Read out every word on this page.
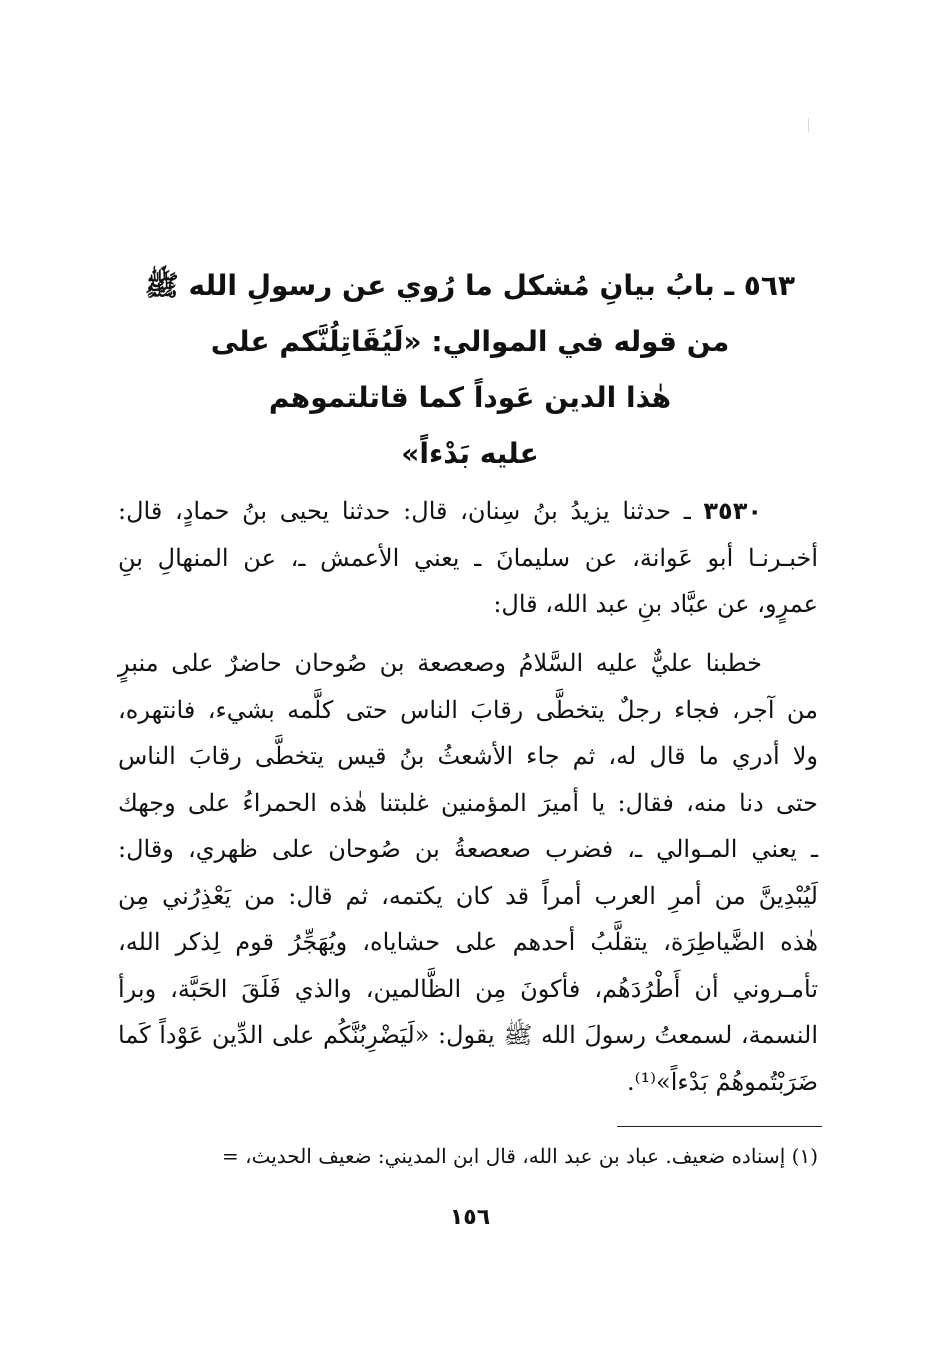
٥٦٣ ـ بابُ بيانِ مُشكل ما رُوي عن رسولِ الله ﷺ
من قوله في الموالي: «لَيُقَاتِلُنَّكم على
هٰذا الدين عَوداً كما قاتلتموهم
عليه بَدْءاً»
٣٥٣٠ ـ حدثنا يزيدُ بنُ سِنان، قال: حدثنا يحيى بنُ حمادٍ، قال:
أخبـرنـا أبو عَوانة، عن سليمانَ ـ يعني الأعمش ـ، عن المنهالِ بنِ
عمرٍو، عن عبَّاد بنِ عبد الله، قال:
خطبنا عليٌّ عليه السَّلامُ وصعصعة بن صُوحان حاضرٌ على منبرٍ
من آجر، فجاء رجلٌ يتخطَّى رقابَ الناس حتى كلَّمه بشيء، فانتهره،
ولا أدري ما قال له، ثم جاء الأشعثُ بنُ قيس يتخطَّى رقابَ الناس
حتى دنا منه، فقال: يا أميرَ المؤمنين غلبتنا هٰذه الحمراءُ على وجهك
ـ يعني المـوالي ـ، فضرب صعصعةُ بن صُوحان على ظهري، وقال:
لَيُبْدِينَّ من أمرِ العرب أمراً قد كان يكتمه، ثم قال: من يَعْذِرُني مِن
هٰذه الضَّياطِرَة، يتقلَّبُ أحدهم على حشاياه، ويُهَجِّرُ قوم لِذكر الله،
تأمـروني أن أَطْرُدَهُم، فأكونَ مِن الظَّالمين، والذي فَلَقَ الحَبَّة، وبرأ
النسمة، لسمعتُ رسولَ الله ﷺ يقول: «لَيَضْرِبُنَّكُم على الدِّين عَوْداً كَما
ضَرَبْتُموهُمْ بَدْءاً»⁽¹⁾.
(١) إسناده ضعيف. عباد بن عبد الله، قال ابن المديني: ضعيف الحديث، =
١٥٦
